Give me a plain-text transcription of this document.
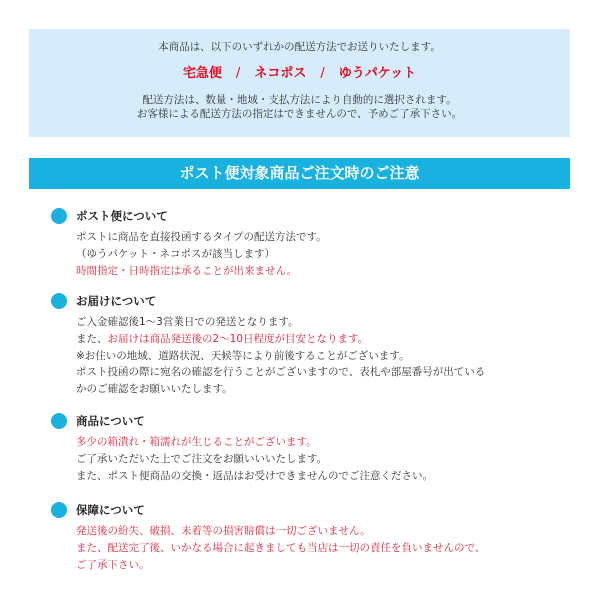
本商品は、以下のいずれかの配送方法でお送りいたします。
宅急便 / ネコポス / ゆうパケット
配送方法は、数量・地域・支払方法により自動的に選択されます。
お客様による配送方法の指定はできませんので、予めご了承下さい。
ポスト便対象商品ご注文時のご注意
ポスト便について
ポストに商品を直接投函するタイプの配送方法です。
（ゆうパケット・ネコポスが該当します）
時間指定・日時指定は承ることが出来ません。
お届けについて
ご入金確認後1～3営業日での発送となります。
また、お届けは商品発送後の2～10日程度が目安となります。
※お住いの地域、道路状況、天候等により前後することがございます。
ポスト投函の際に宛名の確認を行うことがございますので、表札や部屋番号が出ている
かのご確認をお願いいたします。
商品について
多少の箱潰れ・箱濡れが生じることがございます。
ご了承いただいた上でご注文をお願いいいたします。
また、ポスト便商品の交換・返品はお受けできませんのでご注意ください。
保障について
発送後の紛失、破損、未着等の損害賠償は一切ございません。
また、配送完了後、いかなる場合に起きましても当店は一切の責任を負いませんので、
ご了承下さい。
